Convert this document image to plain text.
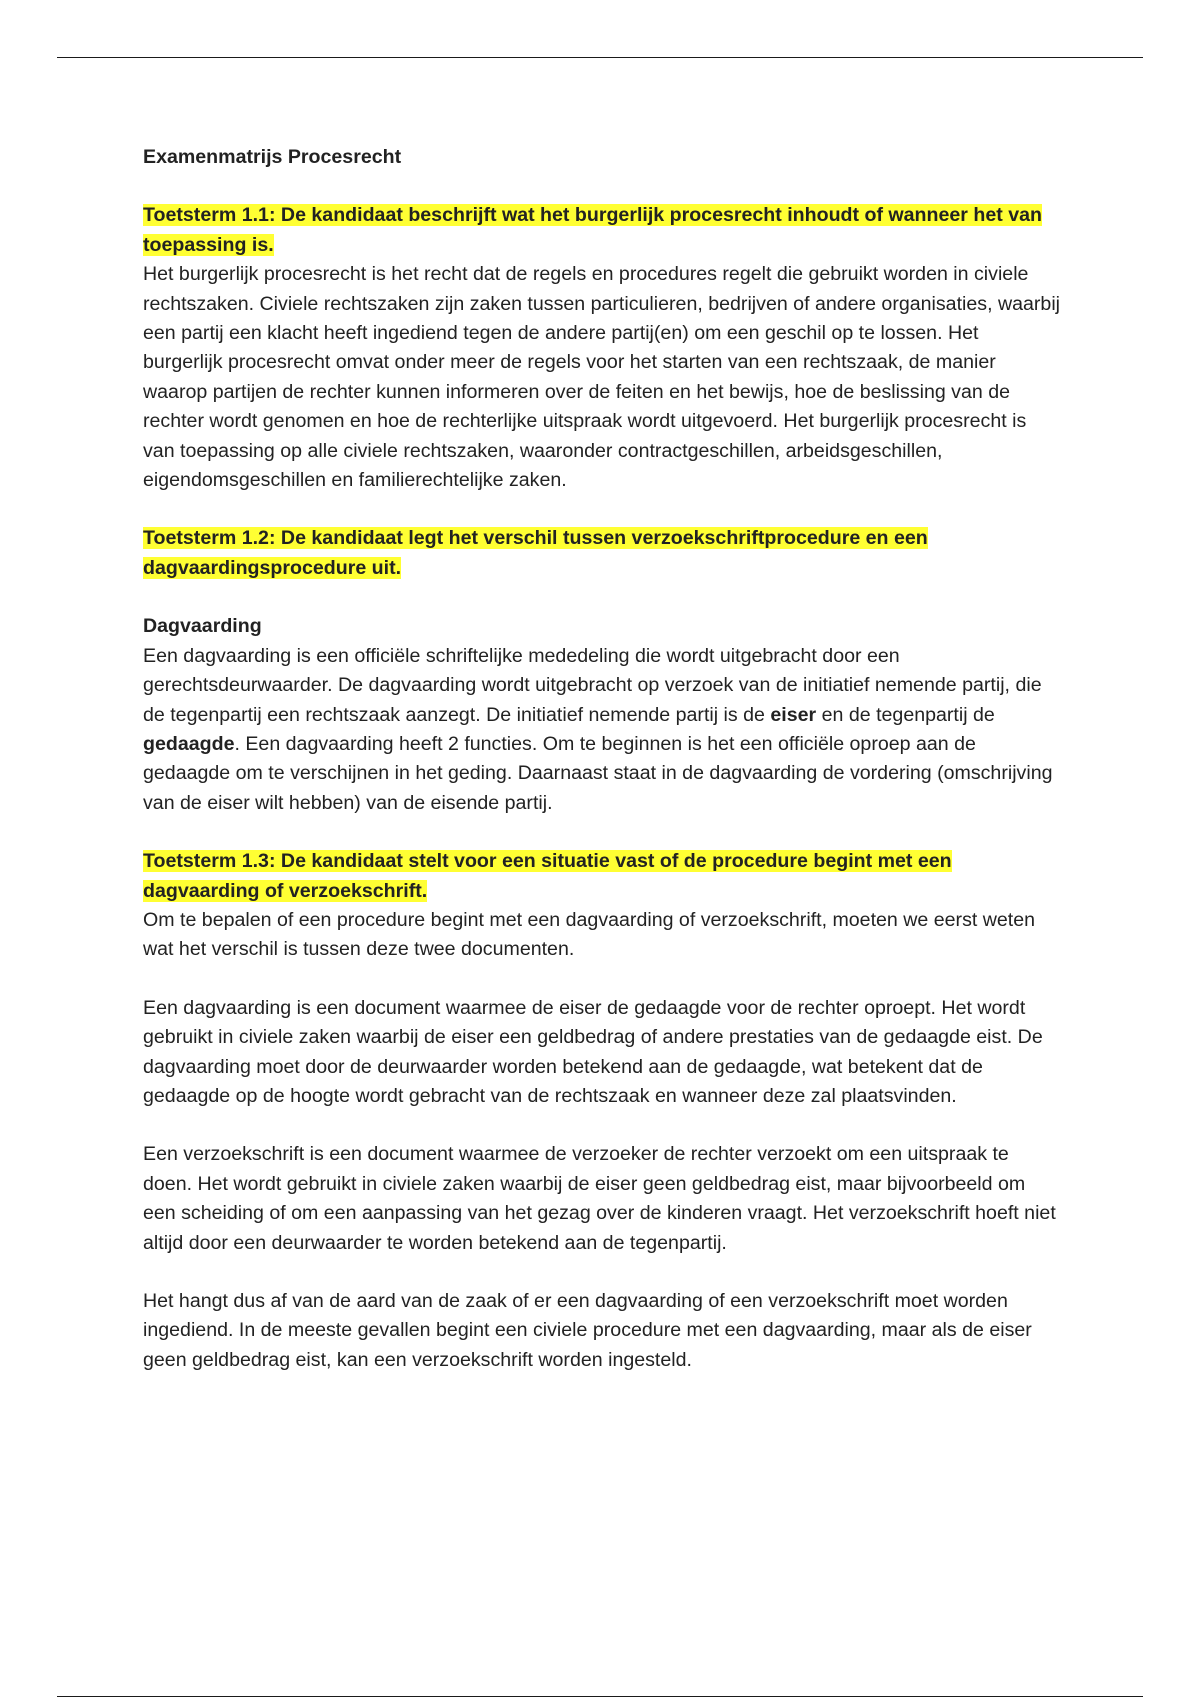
Examenmatrijs Procesrecht
Toetsterm 1.1: De kandidaat beschrijft wat het burgerlijk procesrecht inhoudt of wanneer het van toepassing is.

Het burgerlijk procesrecht is het recht dat de regels en procedures regelt die gebruikt worden in civiele rechtszaken. Civiele rechtszaken zijn zaken tussen particulieren, bedrijven of andere organisaties, waarbij een partij een klacht heeft ingediend tegen de andere partij(en) om een geschil op te lossen. Het burgerlijk procesrecht omvat onder meer de regels voor het starten van een rechtszaak, de manier waarop partijen de rechter kunnen informeren over de feiten en het bewijs, hoe de beslissing van de rechter wordt genomen en hoe de rechterlijke uitspraak wordt uitgevoerd. Het burgerlijk procesrecht is van toepassing op alle civiele rechtszaken, waaronder contractgeschillen, arbeidsgeschillen, eigendomsgeschillen en familierechtelijke zaken.

Toetsterm 1.2: De kandidaat legt het verschil tussen verzoekschriftprocedure en een dagvaardingsprocedure uit.
Dagvaarding

Een dagvaarding is een officiële schriftelijke mededeling die wordt uitgebracht door een gerechtsdeurwaarder. De dagvaarding wordt uitgebracht op verzoek van de initiatief nemende partij, die de tegenpartij een rechtszaak aanzegt. De initiatief nemende partij is de eiser en de tegenpartij de gedaagde. Een dagvaarding heeft 2 functies. Om te beginnen is het een officiële oproep aan de gedaagde om te verschijnen in het geding. Daarnaast staat in de dagvaarding de vordering (omschrijving van de eiser wilt hebben) van de eisende partij.

Toetsterm 1.3: De kandidaat stelt voor een situatie vast of de procedure begint met een dagvaarding of verzoekschrift.

Om te bepalen of een procedure begint met een dagvaarding of verzoekschrift, moeten we eerst weten wat het verschil is tussen deze twee documenten.

Een dagvaarding is een document waarmee de eiser de gedaagde voor de rechter oproept. Het wordt gebruikt in civiele zaken waarbij de eiser een geldbedrag of andere prestaties van de gedaagde eist. De dagvaarding moet door de deurwaarder worden betekend aan de gedaagde, wat betekent dat de gedaagde op de hoogte wordt gebracht van de rechtszaak en wanneer deze zal plaatsvinden.

Een verzoekschrift is een document waarmee de verzoeker de rechter verzoekt om een uitspraak te doen. Het wordt gebruikt in civiele zaken waarbij de eiser geen geldbedrag eist, maar bijvoorbeeld om een scheiding of om een aanpassing van het gezag over de kinderen vraagt. Het verzoekschrift hoeft niet altijd door een deurwaarder te worden betekend aan de tegenpartij.

Het hangt dus af van de aard van de zaak of er een dagvaarding of een verzoekschrift moet worden ingediend. In de meeste gevallen begint een civiele procedure met een dagvaarding, maar als de eiser geen geldbedrag eist, kan een verzoekschrift worden ingesteld.
